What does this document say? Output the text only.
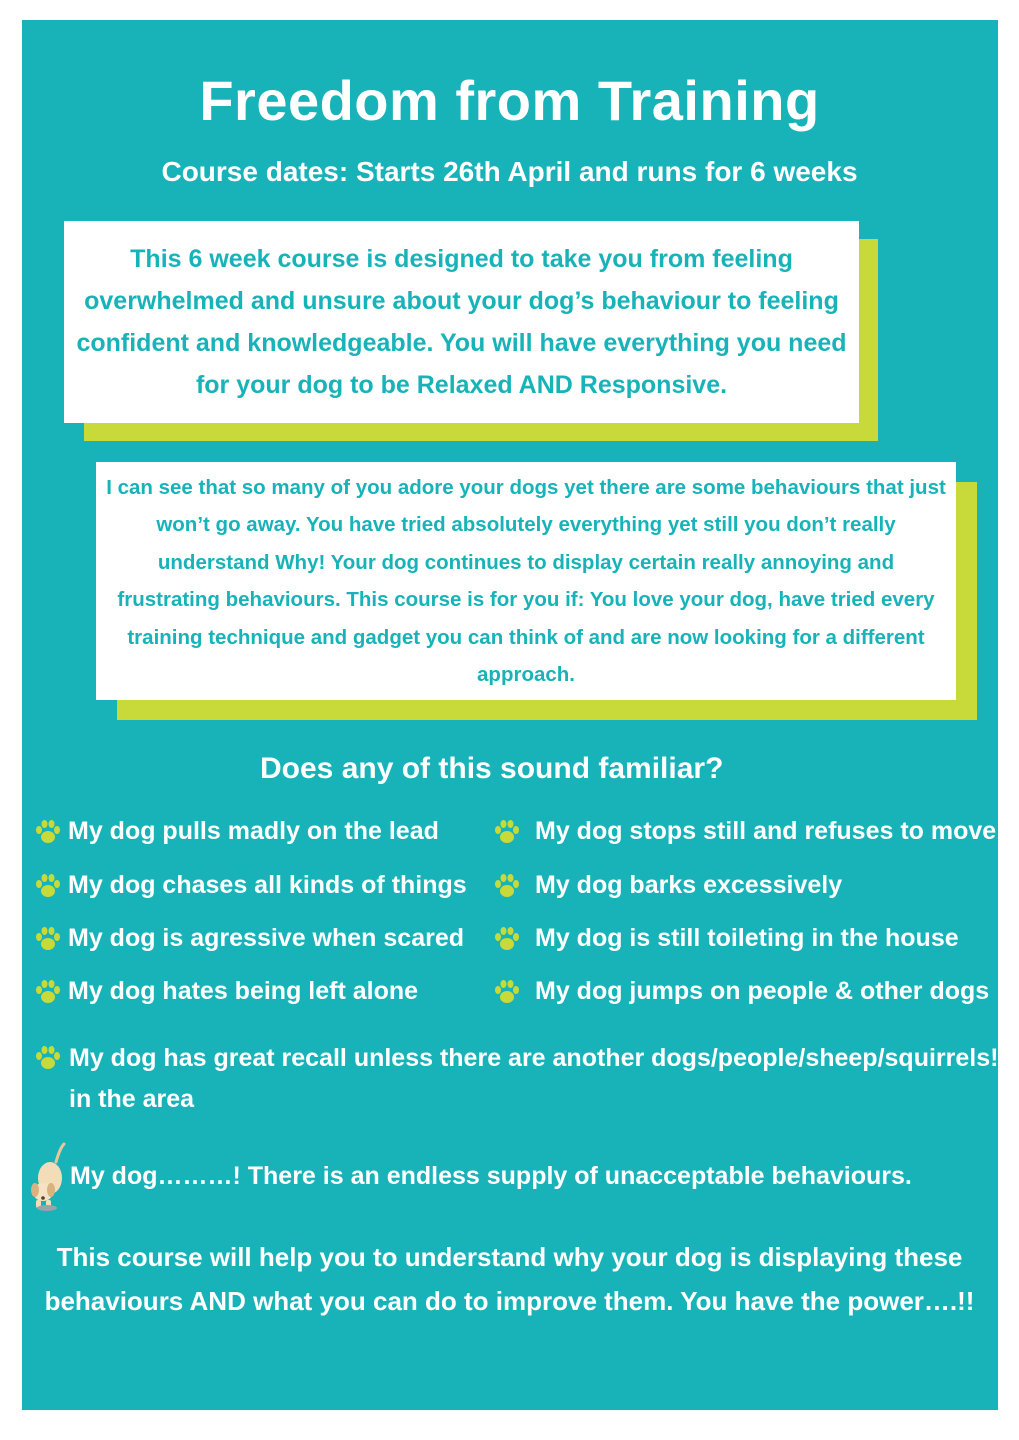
Freedom from Training
Course dates: Starts 26th April and runs for 6 weeks
This 6 week course is designed to take you from feeling overwhelmed and unsure about your dog’s behaviour to feeling confident and knowledgeable. You will have everything you need for your dog to be Relaxed AND Responsive.
I can see that so many of you adore your dogs yet there are some behaviours that just won’t go away. You have tried absolutely everything yet still you don’t really understand Why! Your dog continues to display certain really annoying and frustrating behaviours. This course is for you if: You love your dog, have tried every training technique and gadget you can think of and are now looking for a different approach.
Does any of this sound familiar?
My dog pulls madly on the lead
My dog chases all kinds of things
My dog is agressive when scared
My dog hates being left alone
My dog stops still and refuses to move
My dog barks excessively
My dog is still toileting in the house
My dog jumps on people & other dogs
My dog has great recall unless there are another dogs/people/sheep/squirrels! in the area
My dog………! There is an endless supply of unacceptable behaviours.
This course will help you to understand why your dog is displaying these behaviours AND what you can do to improve them. You have the power….!!
